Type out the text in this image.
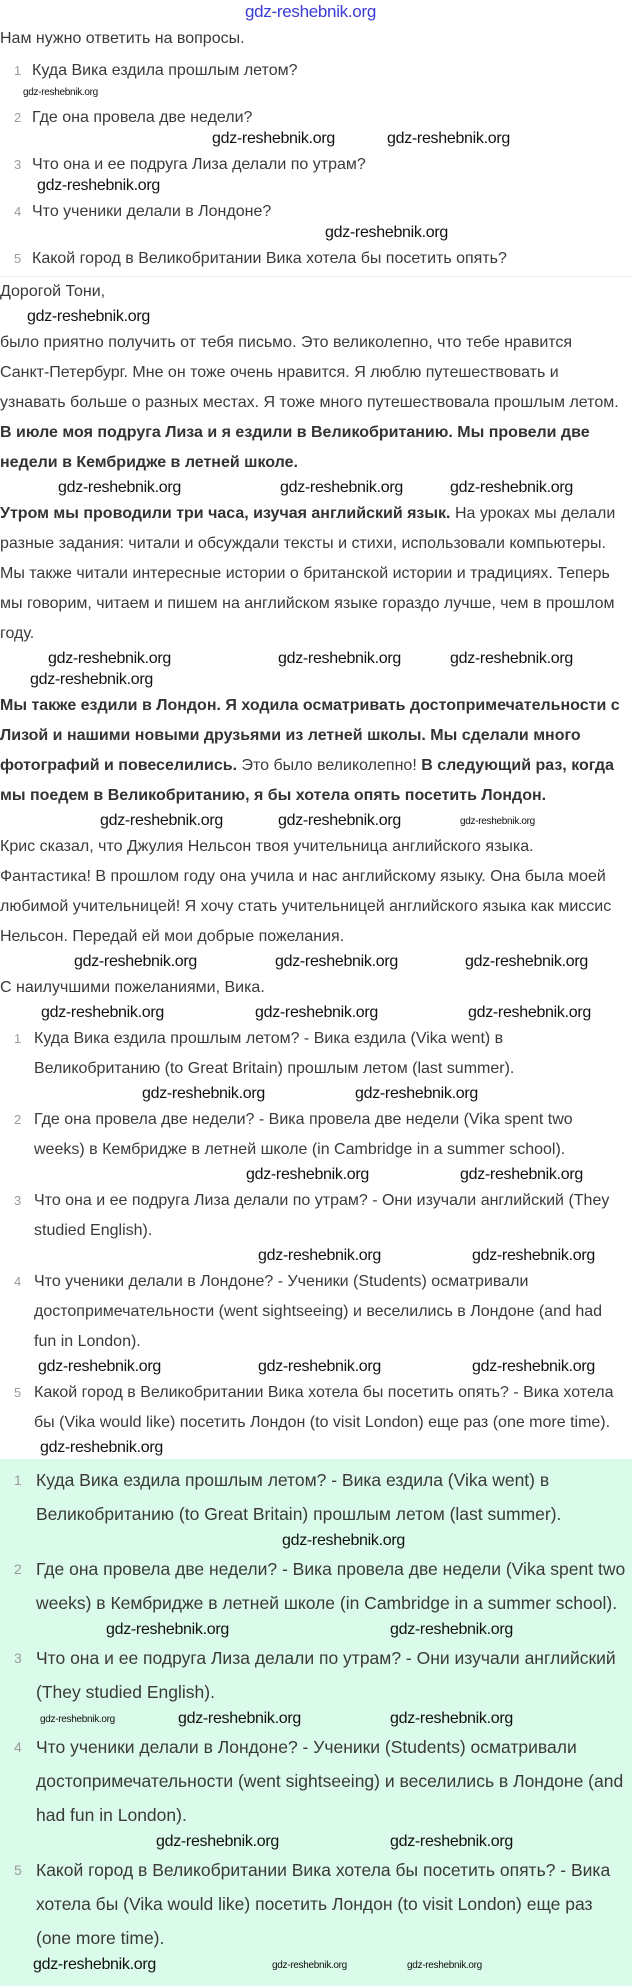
gdz-reshebnik.org
Нам нужно ответить на вопросы.
1 Куда Вика ездила прошлым летом?
gdz-reshebnik.org
2 Где она провела две недели?
gdz-reshebnik.org	gdz-reshebnik.org
3 Что она и ее подруга Лиза делали по утрам?
gdz-reshebnik.org
4 Что ученики делали в Лондоне?
gdz-reshebnik.org
5 Какой город в Великобритании Вика хотела бы посетить опять?
Дорогой Тони,
gdz-reshebnik.org

было приятно получить от тебя письмо. Это великолепно, что тебе нравится Санкт-Петербург. Мне он тоже очень нравится. Я люблю путешествовать и узнавать больше о разных местах. Я тоже много путешествовала прошлым летом. В июле моя подруга Лиза и я ездили в Великобританию. Мы провели две недели в Кембридже в летней школе.

gdz-reshebnik.org	gdz-reshebnik.org	gdz-reshebnik.org

Утром мы проводили три часа, изучая английский язык. На уроках мы делали разные задания: читали и обсуждали тексты и стихи, использовали компьютеры. Мы также читали интересные истории о британской истории и традициях. Теперь мы говорим, читаем и пишем на английском языке гораздо лучше, чем в прошлом году.

gdz-reshebnik.org	gdz-reshebnik.org	gdz-reshebnik.org
gdz-reshebnik.org

Мы также ездили в Лондон. Я ходила осматривать достопримечательности с Лизой и нашими новыми друзьями из летней школы. Мы сделали много фотографий и повеселились. Это было великолепно! В следующий раз, когда мы поедем в Великобританию, я бы хотела опять посетить Лондон.

gdz-reshebnik.org	gdz-reshebnik.org	gdz-reshebnik.org

Крис сказал, что Джулия Нельсон твоя учительница английского языка. Фантастика! В прошлом году она учила и нас английскому языку. Она была моей любимой учительницей! Я хочу стать учительницей английского языка как миссис Нельсон. Передай ей мои добрые пожелания.

gdz-reshebnik.org	gdz-reshebnik.org	gdz-reshebnik.org
С наилучшими пожеланиями, Вика.
gdz-reshebnik.org	gdz-reshebnik.org	gdz-reshebnik.org
1 Куда Вика ездила прошлым летом? - Вика ездила (Vika went) в Великобританию (to Great Britain) прошлым летом (last summer).
gdz-reshebnik.org	gdz-reshebnik.org
2 Где она провела две недели? - Вика провела две недели (Vika spent two weeks) в Кембридже в летней школе (in Cambridge in a summer school).
gdz-reshebnik.org	gdz-reshebnik.org
3 Что она и ее подруга Лиза делали по утрам? - Они изучали английский (They studied English).
gdz-reshebnik.org	gdz-reshebnik.org
4 Что ученики делали в Лондоне? - Ученики (Students) осматривали достопримечательности (went sightseeing) и веселились в Лондоне (and had fun in London).
gdz-reshebnik.org	gdz-reshebnik.org	gdz-reshebnik.org
5 Какой город в Великобритании Вика хотела бы посетить опять? - Вика хотела бы (Vika would like) посетить Лондон (to visit London) еще раз (one more time).
gdz-reshebnik.org
1 Куда Вика ездила прошлым летом? - Вика ездила (Vika went) в Великобританию (to Great Britain) прошлым летом (last summer).
gdz-reshebnik.org
2 Где она провела две недели? - Вика провела две недели (Vika spent two weeks) в Кембридже в летней школе (in Cambridge in a summer school).
gdz-reshebnik.org	gdz-reshebnik.org
3 Что она и ее подруга Лиза делали по утрам? - Они изучали английский (They studied English).
gdz-reshebnik.org	gdz-reshebnik.org	gdz-reshebnik.org
4 Что ученики делали в Лондоне? - Ученики (Students) осматривали достопримечательности (went sightseeing) и веселились в Лондоне (and had fun in London).
gdz-reshebnik.org	gdz-reshebnik.org
5 Какой город в Великобритании Вика хотела бы посетить опять? - Вика хотела бы (Vika would like) посетить Лондон (to visit London) еще раз (one more time).
gdz-reshebnik.org	gdz-reshebnik.org	gdz-reshebnik.org
